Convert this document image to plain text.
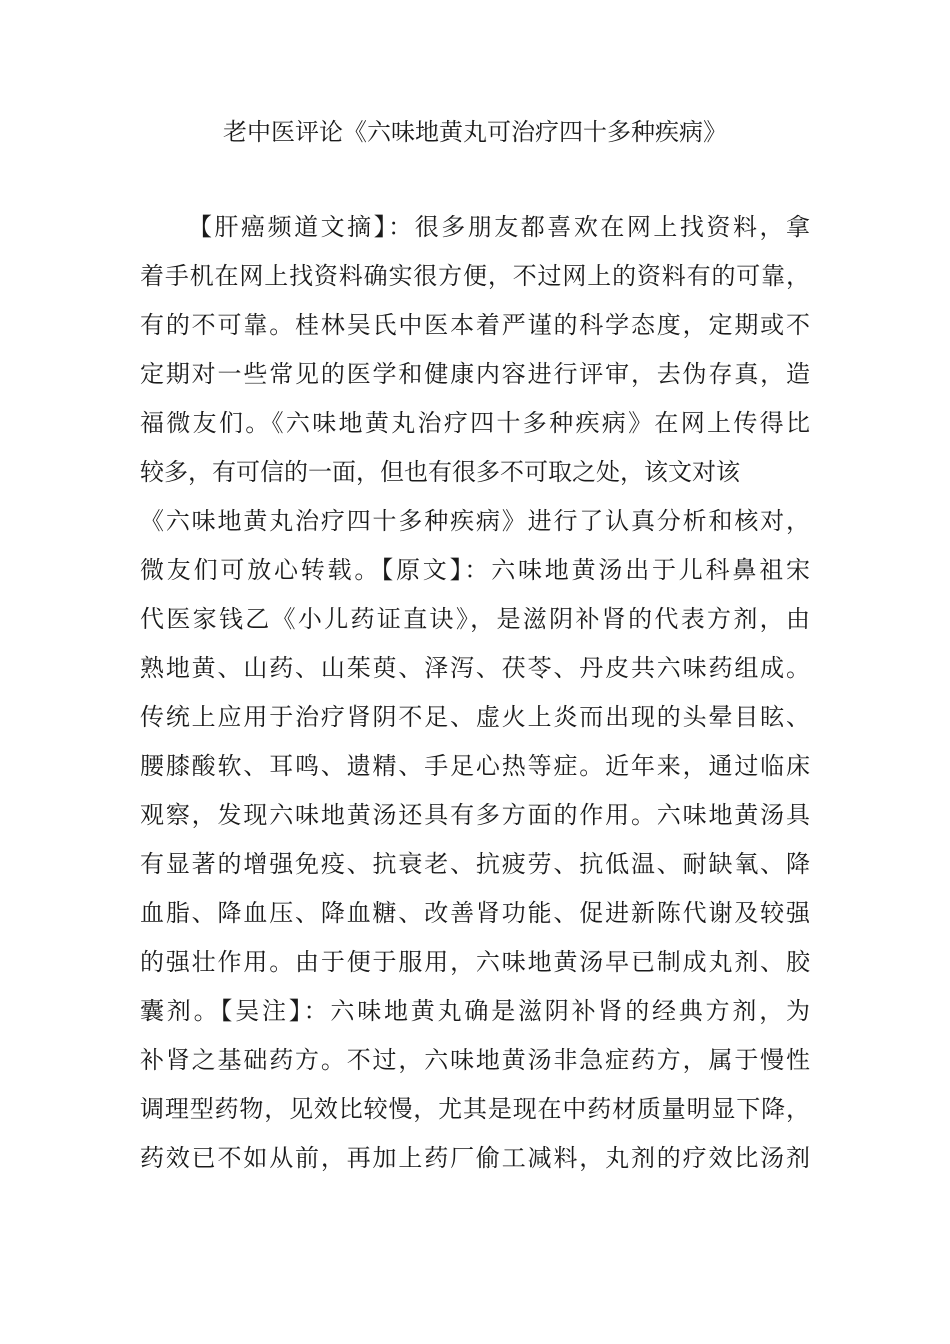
老中医评论《六味地黄丸可治疗四十多种疾病》
【肝癌频道文摘】：很多朋友都喜欢在网上找资料，拿
着手机在网上找资料确实很方便，不过网上的资料有的可靠，
有的不可靠。桂林吴氏中医本着严谨的科学态度，定期或不
定期对一些常见的医学和健康内容进行评审，去伪存真，造
福微友们。《六味地黄丸治疗四十多种疾病》在网上传得比
较多，有可信的一面，但也有很多不可取之处，该文对该
《六味地黄丸治疗四十多种疾病》进行了认真分析和核对，
微友们可放心转载。【原文】：六味地黄汤出于儿科鼻祖宋
代医家钱乙《小儿药证直诀》，是滋阴补肾的代表方剂，由
熟地黄、山药、山茱萸、泽泻、茯苓、丹皮共六味药组成。
传统上应用于治疗肾阴不足、虚火上炎而出现的头晕目眩、
腰膝酸软、耳鸣、遗精、手足心热等症。近年来，通过临床
观察，发现六味地黄汤还具有多方面的作用。六味地黄汤具
有显著的增强免疫、抗衰老、抗疲劳、抗低温、耐缺氧、降
血脂、降血压、降血糖、改善肾功能、促进新陈代谢及较强
的强壮作用。由于便于服用，六味地黄汤早已制成丸剂、胶
囊剂。【吴注】：六味地黄丸确是滋阴补肾的经典方剂，为
补肾之基础药方。不过，六味地黄汤非急症药方，属于慢性
调理型药物，见效比较慢，尤其是现在中药材质量明显下降，
药效已不如从前，再加上药厂偷工减料，丸剂的疗效比汤剂
